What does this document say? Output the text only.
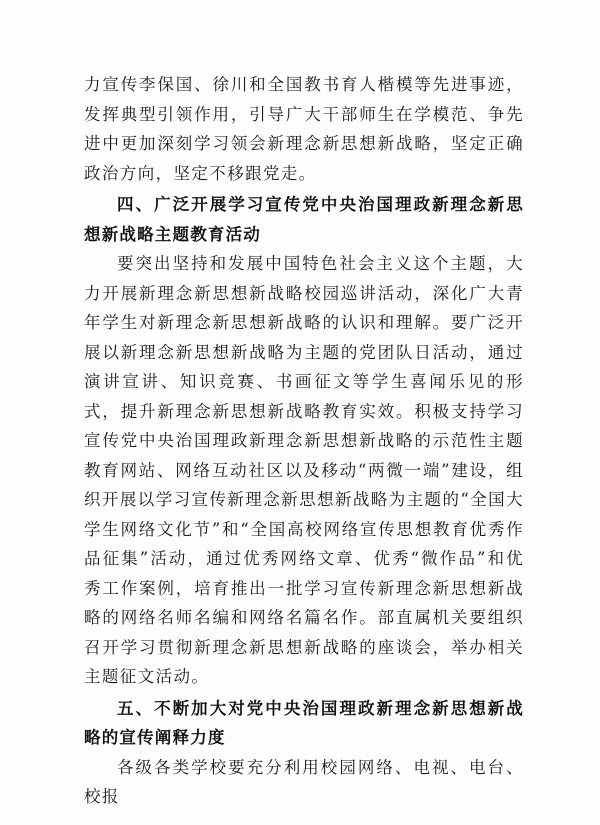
力宣传李保国、徐川和全国教书育人楷模等先进事迹，发挥典型引领作用，引导广大干部师生在学模范、争先进中更加深刻学习领会新理念新思想新战略，坚定正确政治方向，坚定不移跟党走。

四、广泛开展学习宣传党中央治国理政新理念新思想新战略主题教育活动

要突出坚持和发展中国特色社会主义这个主题，大力开展新理念新思想新战略校园巡讲活动，深化广大青年学生对新理念新思想新战略的认识和理解。要广泛开展以新理念新思想新战略为主题的党团队日活动，通过演讲宣讲、知识竞赛、书画征文等学生喜闻乐见的形式，提升新理念新思想新战略教育实效。积极支持学习宣传党中央治国理政新理念新思想新战略的示范性主题教育网站、网络互动社区以及移动“两微一端”建设，组织开展以学习宣传新理念新思想新战略为主题的“全国大学生网络文化节”和“全国高校网络宣传思想教育优秀作品征集”活动，通过优秀网络文章、优秀“微作品”和优秀工作案例，培育推出一批学习宣传新理念新思想新战略的网络名师名编和网络名篇名作。部直属机关要组织召开学习贯彻新理念新思想新战略的座谈会，举办相关主题征文活动。

五、不断加大对党中央治国理政新理念新思想新战略的宣传阐释力度

各级各类学校要充分利用校园网络、电视、电台、校报
